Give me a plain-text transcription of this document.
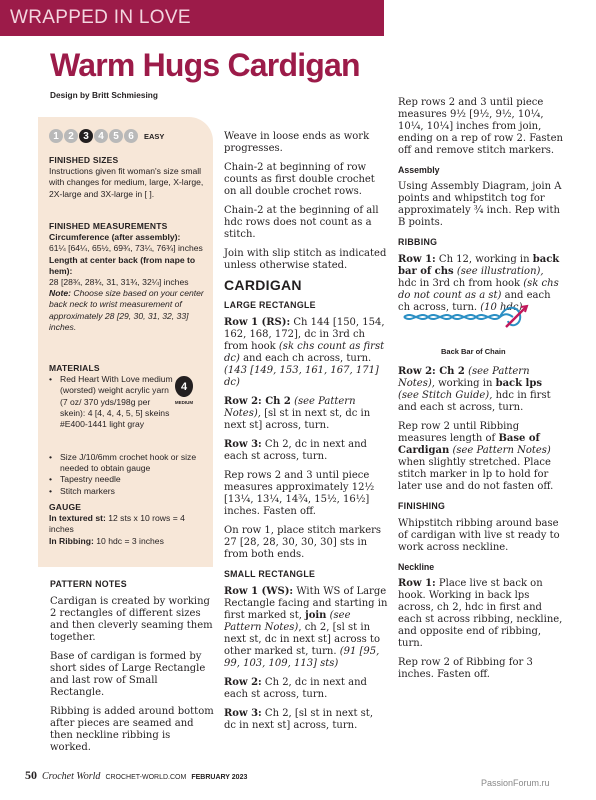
WRAPPED IN LOVE
Warm Hugs Cardigan
Design by Britt Schmiesing
1 2 3 4 5 6	EASY
FINISHED SIZES
Instructions given fit woman's size small with changes for medium, large, X-large, 2X-large and 3X-large in [ ].
FINISHED MEASUREMENTS
Circumference (after assembly):
61¼ [64¼, 65½, 69¾, 73¼, 76¾] inches
Length at center back (from nape to hem):
28 [28¾, 28¾, 31, 31¾, 32¼] inches
Note: Choose size based on your center back neck to wrist measurement of approximately 28 [29, 30, 31, 32, 33] inches.
MATERIALS
• Red Heart With Love medium (worsted) weight acrylic yarn (7 oz/ 370 yds/198g per skein): 4 [4, 4, 4, 5, 5] skeins #E400-1441 light gray
• Size J/10/6mm crochet hook or size needed to obtain gauge
• Tapestry needle
• Stitch markers
4
MEDIUM
GAUGE
In textured st: 12 sts x 10 rows = 4 inches
In Ribbing: 10 hdc = 3 inches
PATTERN NOTES

Cardigan is created by working 2 rectangles of different sizes and then cleverly seaming them together.

Base of cardigan is formed by short sides of Large Rectangle and last row of Small Rectangle.

Ribbing is added around bottom after pieces are seamed and then neckline ribbing is worked.

Weave in loose ends as work progresses.

Chain-2 at beginning of row counts as first double crochet on all double crochet rows.

Chain-2 at the beginning of all hdc rows does not count as a stitch.

Join with slip stitch as indicated unless otherwise stated.

CARDIGAN
LARGE RECTANGLE

Row 1 (RS): Ch 144 [150, 154, 162, 168, 172], dc in 3rd ch from hook (sk chs count as first dc) and each ch across, turn. (143 [149, 153, 161, 167, 171] dc)

Row 2: Ch 2 (see Pattern Notes), [sl st in next st, dc in next st] across, turn.

Row 3: Ch 2, dc in next and each st across, turn.

Rep rows 2 and 3 until piece measures approximately 12½ [13¼, 13¼, 14¾, 15½, 16½] inches. Fasten off.

On row 1, place stitch markers 27 [28, 28, 30, 30, 30] sts in from both ends.

SMALL RECTANGLE

Row 1 (WS): With WS of Large Rectangle facing and starting in first marked st, join (see Pattern Notes), ch 2, [sl st in next st, dc in next st] across to other marked st, turn. (91 [95, 99, 103, 109, 113] sts)

Row 2: Ch 2, dc in next and each st across, turn.

Row 3: Ch 2, [sl st in next st, dc in next st] across, turn.

Rep rows 2 and 3 until piece measures 9½ [9½, 9½, 10¼, 10¼, 10¼] inches from join, ending on a rep of row 2. Fasten off and remove stitch markers.

Assembly

Using Assembly Diagram, join A points and whipstitch tog for approximately ¾ inch. Rep with B points.

RIBBING

Row 1: Ch 12, working in back bar of chs (see illustration), hdc in 3rd ch from hook (sk chs do not count as a st) and each ch across, turn. (10 hdc)

Back Bar of Chain

Row 2: Ch 2 (see Pattern Notes), working in back lps (see Stitch Guide), hdc in first and each st across, turn.

Rep row 2 until Ribbing measures length of Base of Cardigan (see Pattern Notes) when slightly stretched. Place stitch marker in lp to hold for later use and do not fasten off.

FINISHING

Whipstitch ribbing around base of cardigan with live st ready to work across neckline.

Neckline

Row 1: Place live st back on hook. Working in back lps across, ch 2, hdc in first and each st across ribbing, neckline, and opposite end of ribbing, turn.

Rep row 2 of Ribbing for 3 inches. Fasten off.

50 Crochet World CROCHET-WORLD.COM FEBRUARY 2023
PassionForum.ru
